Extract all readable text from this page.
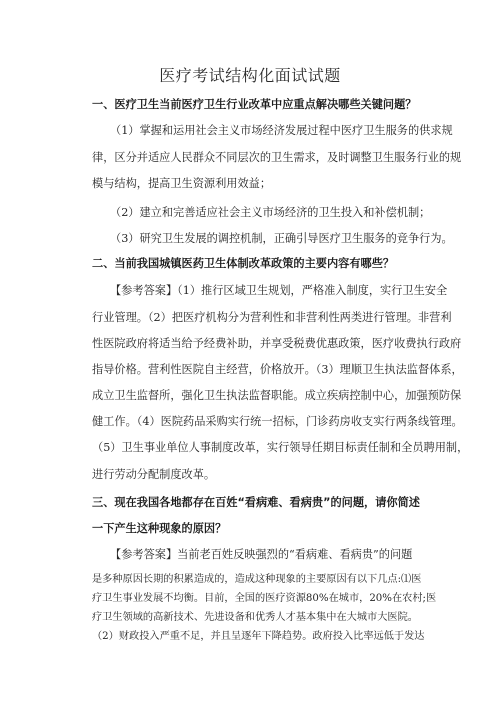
医疗考试结构化面试试题
一、医疗卫生当前医疗卫生行业改革中应重点解决哪些关键问题？
（1）掌握和运用社会主义市场经济发展过程中医疗卫生服务的供求规
律，区分并适应人民群众不同层次的卫生需求，及时调整卫生服务行业的规
模与结构，提高卫生资源利用效益；
（2）建立和完善适应社会主义市场经济的卫生投入和补偿机制；
（3）研究卫生发展的调控机制，正确引导医疗卫生服务的竞争行为。
二、当前我国城镇医药卫生体制改革政策的主要内容有哪些？
【参考答案】（1）推行区域卫生规划，严格准入制度，实行卫生安全
行业管理。（2）把医疗机构分为营利性和非营利性两类进行管理。非营利
性医院政府将适当给予经费补助，并享受税费优惠政策，医疗收费执行政府
指导价格。营利性医院自主经营，价格放开。（3）理顺卫生执法监督体系，
成立卫生监督所，强化卫生执法监督职能。成立疾病控制中心，加强预防保
健工作。（4）医院药品采购实行统一招标，门诊药房收支实行两条线管理。
（5）卫生事业单位人事制度改革，实行领导任期目标责任制和全员聘用制，
进行劳动分配制度改革。
三、现在我国各地都存在百姓“看病难、看病贵”的问题，请你简述
一下产生这种现象的原因？
【参考答案】当前老百姓反映强烈的“看病难、看病贵”的问题
是多种原因长期的积累造成的，造成这种现象的主要原因有以下几点:⑴医
疗卫生事业发展不均衡。目前，全国的医疗资源80%在城市，20%在农村;医
疗卫生领域的高新技术、先进设备和优秀人才基本集中在大城市大医院。
（2）财政投入严重不足，并且呈逐年下降趋势。政府投入比率远低于发达
